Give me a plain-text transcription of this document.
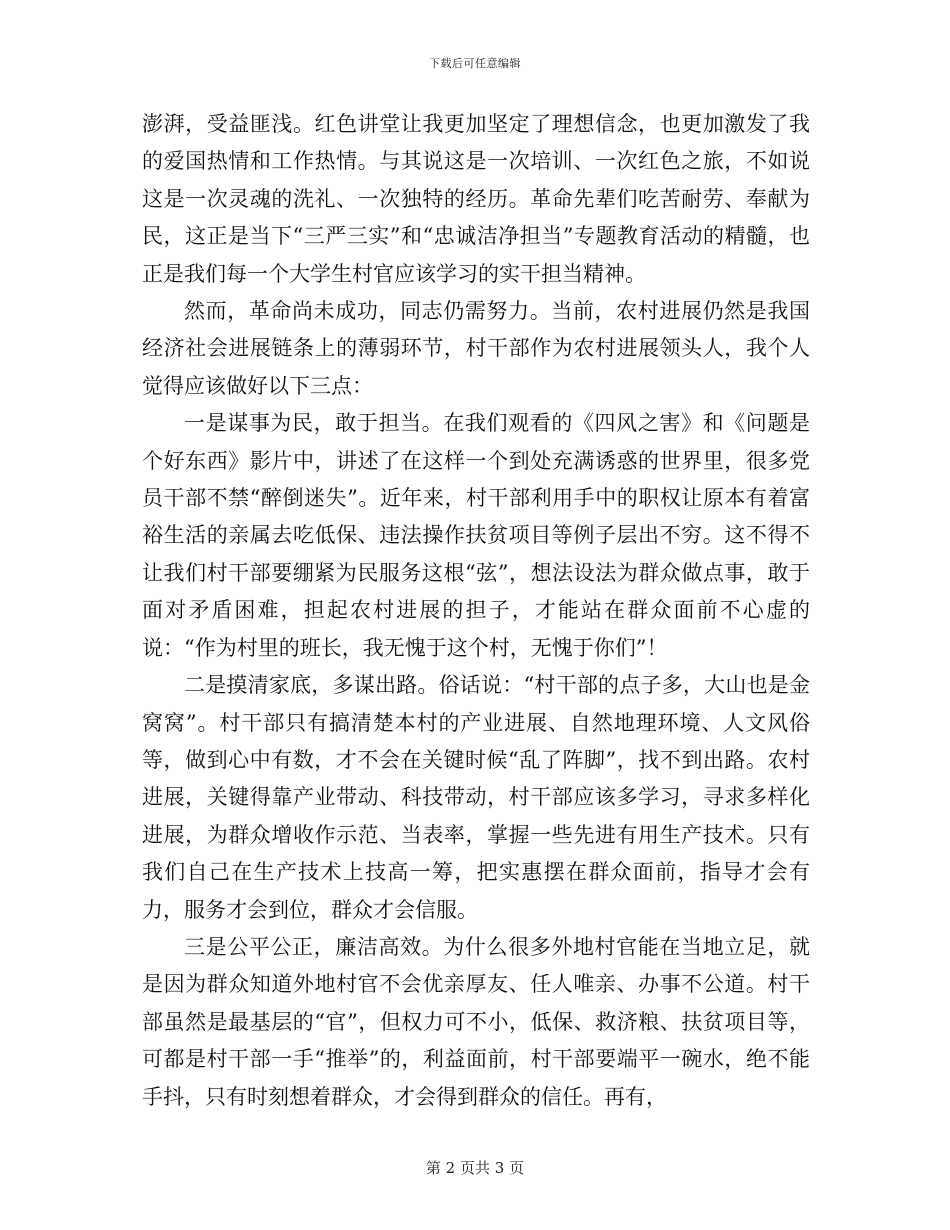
下载后可任意编辑

澎湃，受益匪浅。红色讲堂让我更加坚定了理想信念，也更加激发了我的爱国热情和工作热情。与其说这是一次培训、一次红色之旅，不如说这是一次灵魂的洗礼、一次独特的经历。革命先辈们吃苦耐劳、奉献为民，这正是当下“三严三实”和“忠诚洁净担当”专题教育活动的精髓，也正是我们每一个大学生村官应该学习的实干担当精神。

然而，革命尚未成功，同志仍需努力。当前，农村进展仍然是我国经济社会进展链条上的薄弱环节，村干部作为农村进展领头人，我个人觉得应该做好以下三点：

一是谋事为民，敢于担当。在我们观看的《四风之害》和《问题是个好东西》影片中，讲述了在这样一个到处充满诱惑的世界里，很多党员干部不禁“醉倒迷失”。近年来，村干部利用手中的职权让原本有着富裕生活的亲属去吃低保、违法操作扶贫项目等例子层出不穷。这不得不让我们村干部要绷紧为民服务这根“弦”，想法设法为群众做点事，敢于面对矛盾困难，担起农村进展的担子，才能站在群众面前不心虚的说：“作为村里的班长，我无愧于这个村，无愧于你们”！

二是摸清家底，多谋出路。俗话说：“村干部的点子多，大山也是金窝窝”。村干部只有搞清楚本村的产业进展、自然地理环境、人文风俗等，做到心中有数，才不会在关键时候“乱了阵脚”，找不到出路。农村进展，关键得靠产业带动、科技带动，村干部应该多学习，寻求多样化进展，为群众增收作示范、当表率，掌握一些先进有用生产技术。只有我们自己在生产技术上技高一筹，把实惠摆在群众面前，指导才会有力，服务才会到位，群众才会信服。

三是公平公正，廉洁高效。为什么很多外地村官能在当地立足，就是因为群众知道外地村官不会优亲厚友、任人唯亲、办事不公道。村干部虽然是最基层的“官”，但权力可不小，低保、救济粮、扶贫项目等，可都是村干部一手“推举”的，利益面前，村干部要端平一碗水，绝不能手抖，只有时刻想着群众，才会得到群众的信任。再有，

第 2 页共 3 页
